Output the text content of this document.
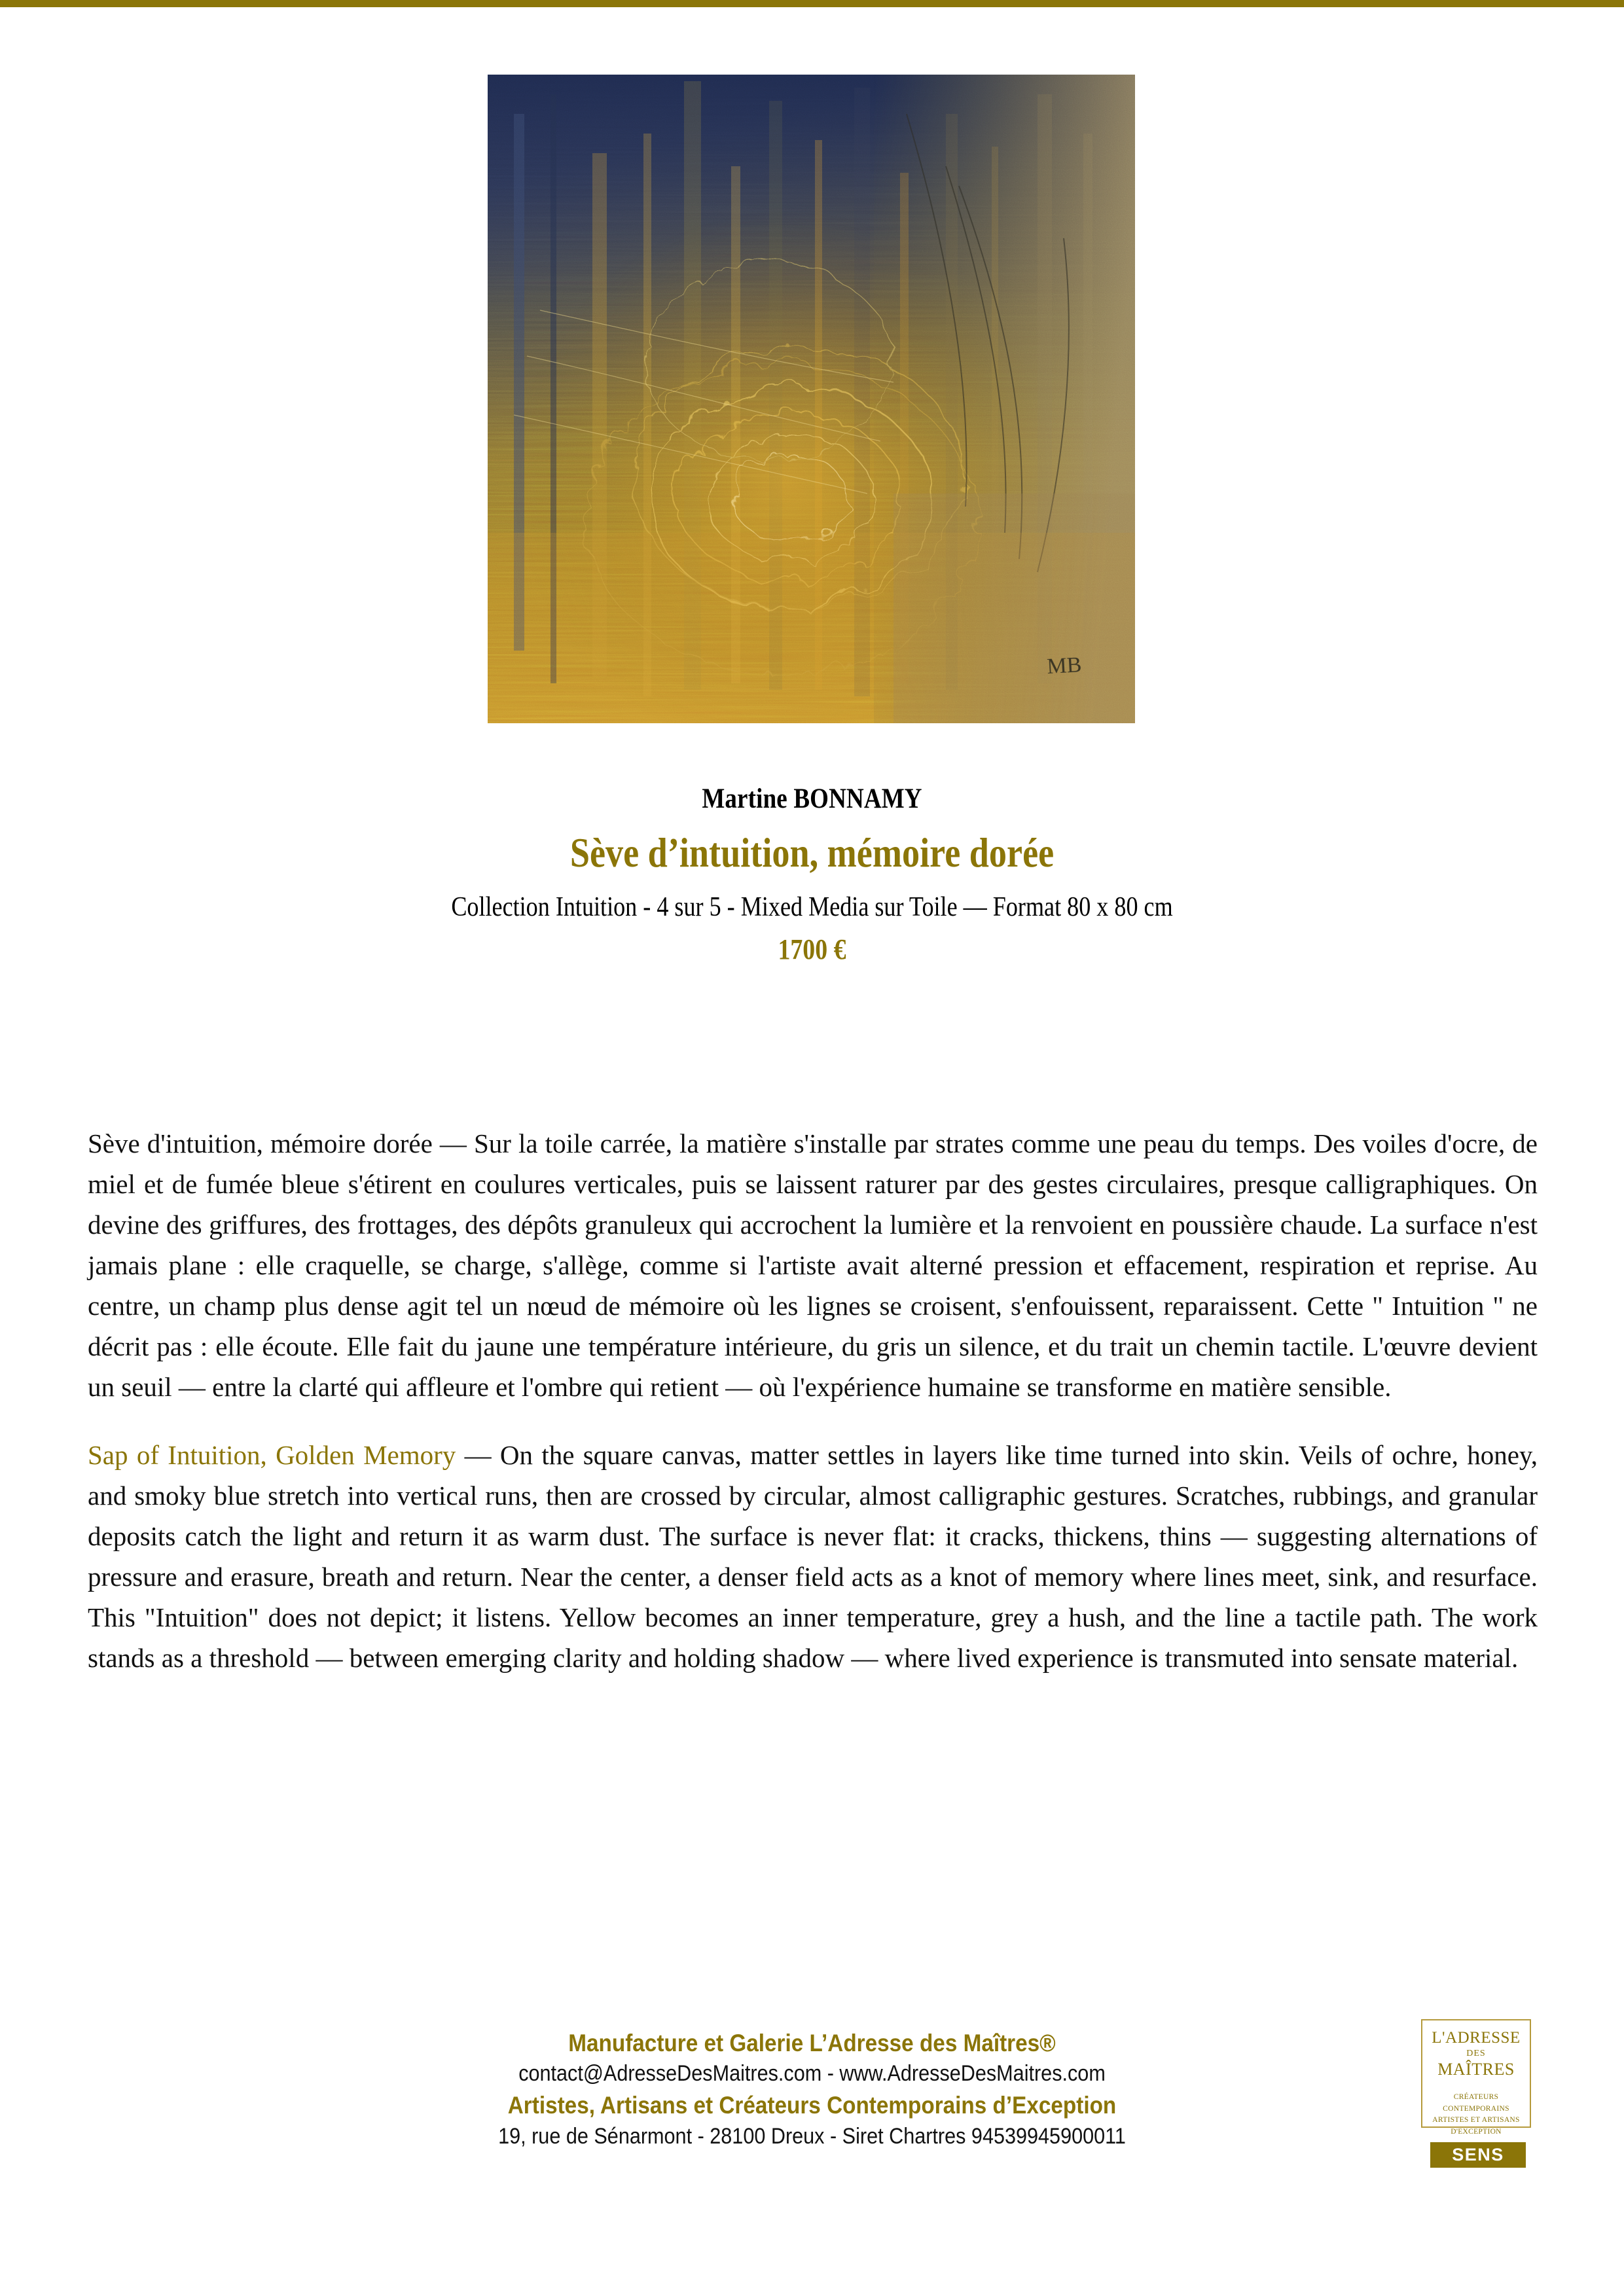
MB
Martine BONNAMY
Sève d’intuition, mémoire dorée
Collection Intuition - 4 sur 5 - Mixed Media sur Toile — Format 80 x 80 cm
1700 €

Sève d'intuition, mémoire dorée — Sur la toile carrée, la matière s'installe par strates comme une peau du temps. Des voiles d'ocre, de miel et de fumée bleue s'étirent en coulures verticales, puis se laissent raturer par des gestes circulaires, presque calligraphiques. On devine des griffures, des frottages, des dépôts granuleux qui accrochent la lumière et la renvoient en poussière chaude. La surface n'est jamais plane : elle craquelle, se charge, s'allège, comme si l'artiste avait alterné pression et effacement, respiration et reprise. Au centre, un champ plus dense agit tel un nœud de mémoire où les lignes se croisent, s'enfouissent, reparaissent. Cette " Intuition " ne décrit pas : elle écoute. Elle fait du jaune une température intérieure, du gris un silence, et du trait un chemin tactile. L'œuvre devient un seuil — entre la clarté qui affleure et l'ombre qui retient — où l'expérience humaine se transforme en matière sensible.

Sap of Intuition, Golden Memory — On the square canvas, matter settles in layers like time turned into skin. Veils of ochre, honey, and smoky blue stretch into vertical runs, then are crossed by circular, almost calligraphic gestures. Scratches, rubbings, and granular deposits catch the light and return it as warm dust. The surface is never flat: it cracks, thickens, thins — suggesting alternations of pressure and erasure, breath and return. Near the center, a denser field acts as a knot of memory where lines meet, sink, and resurface. This "Intuition" does not depict; it listens. Yellow becomes an inner temperature, grey a hush, and the line a tactile path. The work stands as a threshold — between emerging clarity and holding shadow — where lived experience is transmuted into sensate material.

Manufacture et Galerie L’Adresse des Maîtres®
contact@AdresseDesMaitres.com - www.AdresseDesMaitres.com
Artistes, Artisans et Créateurs Contemporains d’Exception
19, rue de Sénarmont - 28100 Dreux - Siret Chartres 94539945900011
L'ADRESSE
DES
MAÎTRES
CRÉATEURS CONTEMPORAINS
ARTISTES ET ARTISANS
D'EXCEPTION
SENS
